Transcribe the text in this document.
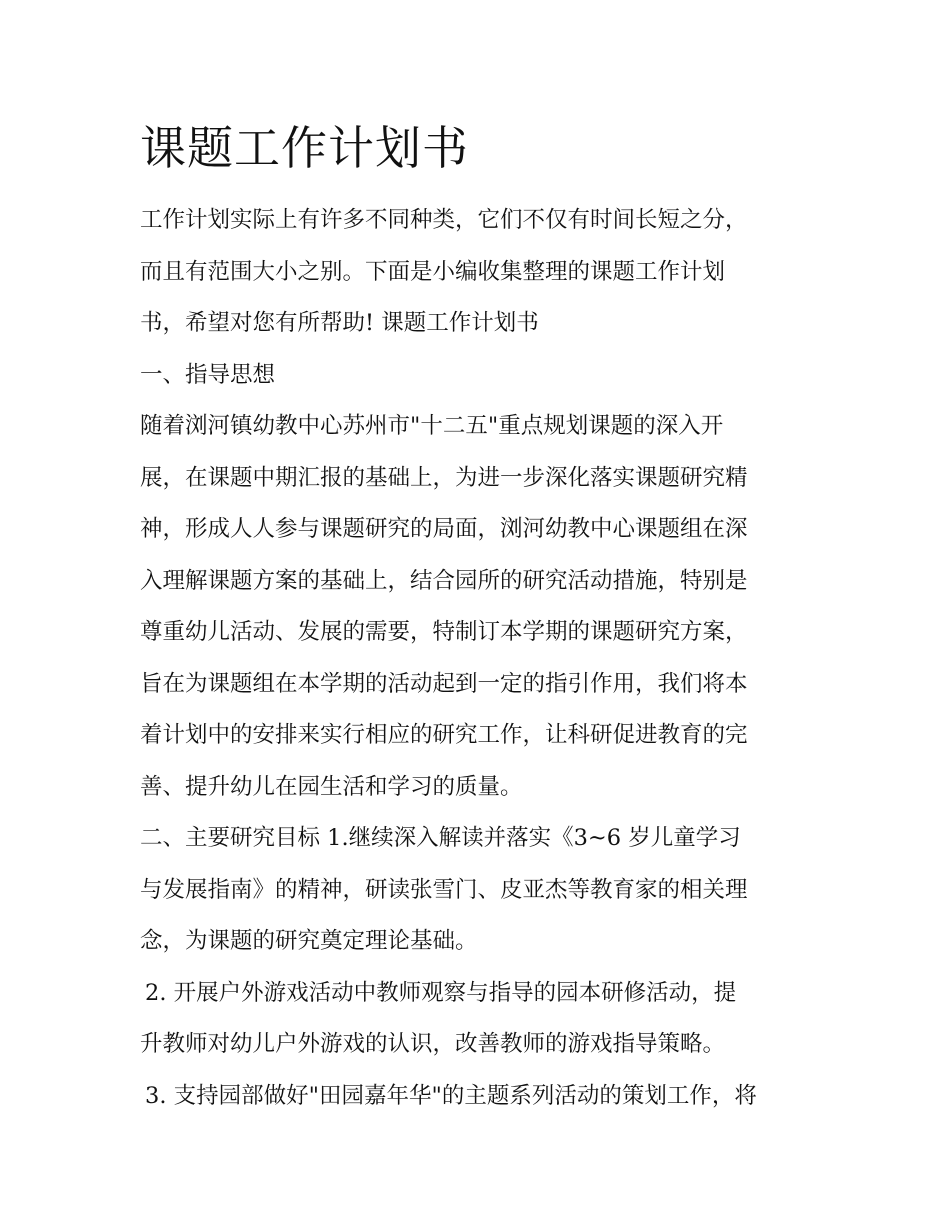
课题工作计划书
工作计划实际上有许多不同种类，它们不仅有时间长短之分，
而且有范围大小之别。下面是小编收集整理的课题工作计划
书，希望对您有所帮助! 课题工作计划书
一、指导思想
随着浏河镇幼教中心苏州市"十二五"重点规划课题的深入开
展，在课题中期汇报的基础上，为进一步深化落实课题研究精
神，形成人人参与课题研究的局面，浏河幼教中心课题组在深
入理解课题方案的基础上，结合园所的研究活动措施，特别是
尊重幼儿活动、发展的需要，特制订本学期的课题研究方案，
旨在为课题组在本学期的活动起到一定的指引作用，我们将本
着计划中的安排来实行相应的研究工作，让科研促进教育的完
善、提升幼儿在园生活和学习的质量。
二、主要研究目标 1.继续深入解读并落实《3~6 岁儿童学习
与发展指南》的精神，研读张雪门、皮亚杰等教育家的相关理
念，为课题的研究奠定理论基础。
2. 开展户外游戏活动中教师观察与指导的园本研修活动，提
升教师对幼儿户外游戏的认识，改善教师的游戏指导策略。
3. 支持园部做好"田园嘉年华"的主题系列活动的策划工作，将
